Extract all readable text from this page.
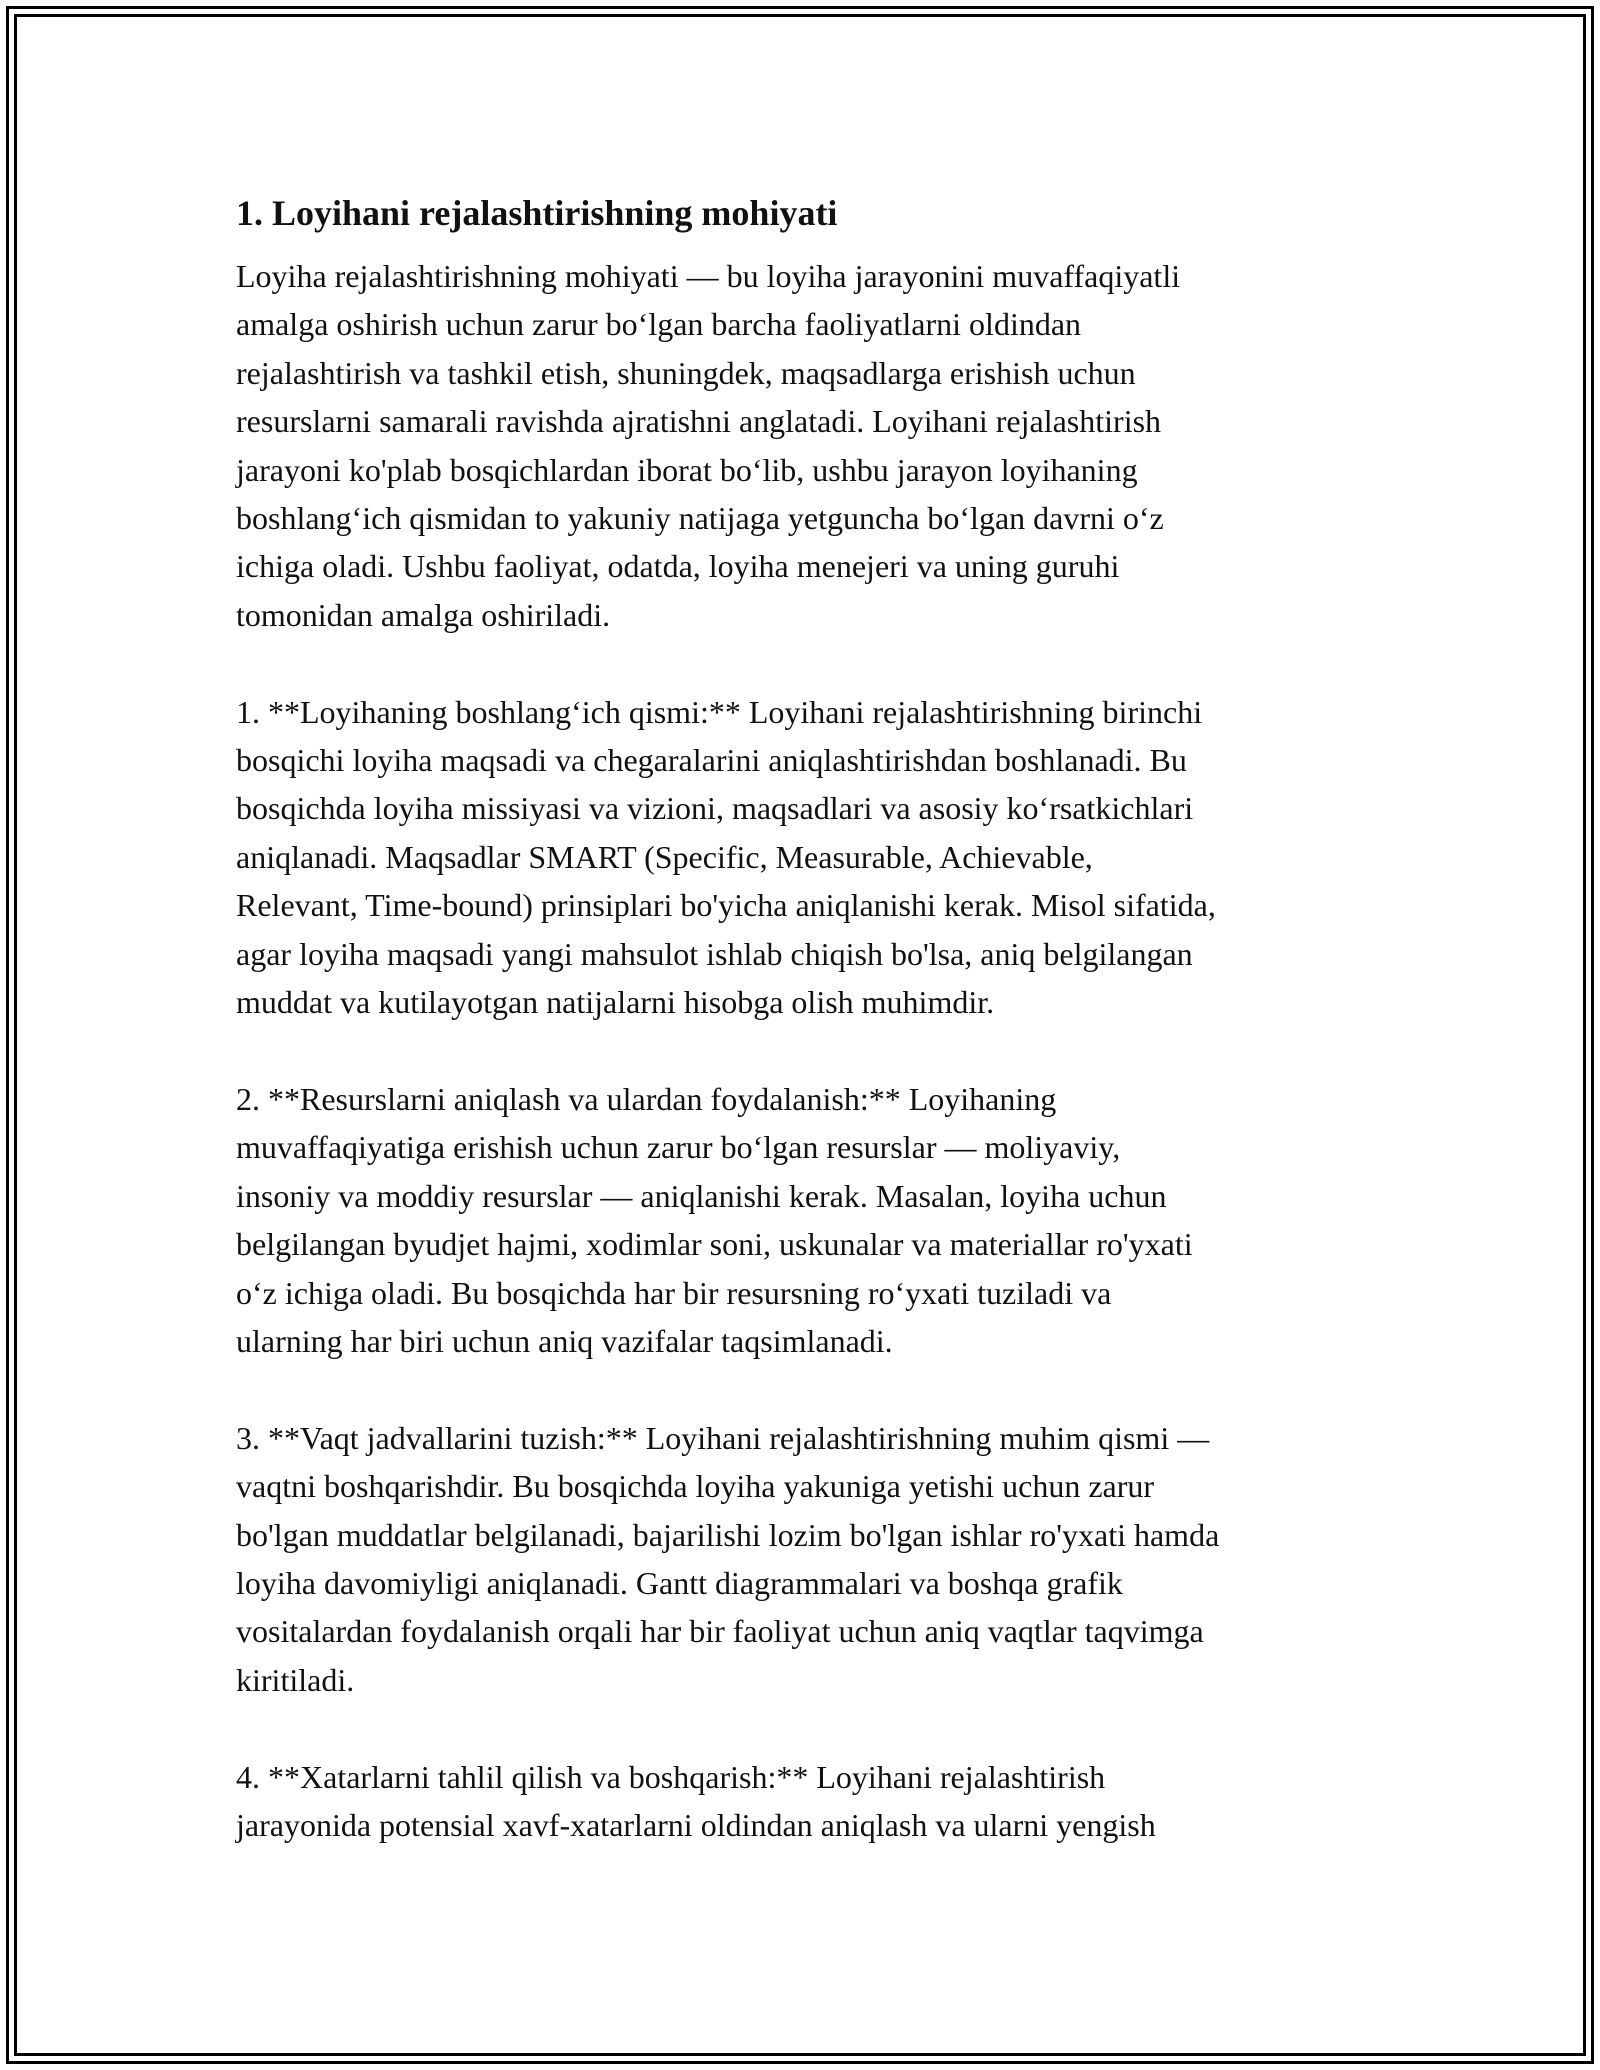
1. Loyihani rejalashtirishning mohiyati

Loyiha rejalashtirishning mohiyati — bu loyiha jarayonini muvaffaqiyatli
amalga oshirish uchun zarur bo‘lgan barcha faoliyatlarni oldindan
rejalashtirish va tashkil etish, shuningdek, maqsadlarga erishish uchun
resurslarni samarali ravishda ajratishni anglatadi. Loyihani rejalashtirish
jarayoni ko'plab bosqichlardan iborat bo‘lib, ushbu jarayon loyihaning
boshlang‘ich qismidan to yakuniy natijaga yetguncha bo‘lgan davrni o‘z
ichiga oladi. Ushbu faoliyat, odatda, loyiha menejeri va uning guruhi
tomonidan amalga oshiriladi.

1. **Loyihaning boshlang‘ich qismi:** Loyihani rejalashtirishning birinchi
bosqichi loyiha maqsadi va chegaralarini aniqlashtirishdan boshlanadi. Bu
bosqichda loyiha missiyasi va vizioni, maqsadlari va asosiy ko‘rsatkichlari
aniqlanadi. Maqsadlar SMART (Specific, Measurable, Achievable,
Relevant, Time-bound) prinsiplari bo'yicha aniqlanishi kerak. Misol sifatida,
agar loyiha maqsadi yangi mahsulot ishlab chiqish bo'lsa, aniq belgilangan
muddat va kutilayotgan natijalarni hisobga olish muhimdir.

2. **Resurslarni aniqlash va ulardan foydalanish:** Loyihaning
muvaffaqiyatiga erishish uchun zarur bo‘lgan resurslar — moliyaviy,
insoniy va moddiy resurslar — aniqlanishi kerak. Masalan, loyiha uchun
belgilangan byudjet hajmi, xodimlar soni, uskunalar va materiallar ro'yxati
o‘z ichiga oladi. Bu bosqichda har bir resursning ro‘yxati tuziladi va
ularning har biri uchun aniq vazifalar taqsimlanadi.

3. **Vaqt jadvallarini tuzish:** Loyihani rejalashtirishning muhim qismi —
vaqtni boshqarishdir. Bu bosqichda loyiha yakuniga yetishi uchun zarur
bo'lgan muddatlar belgilanadi, bajarilishi lozim bo'lgan ishlar ro'yxati hamda
loyiha davomiyligi aniqlanadi. Gantt diagrammalari va boshqa grafik
vositalardan foydalanish orqali har bir faoliyat uchun aniq vaqtlar taqvimga
kiritiladi.

4. **Xatarlarni tahlil qilish va boshqarish:** Loyihani rejalashtirish
jarayonida potensial xavf-xatarlarni oldindan aniqlash va ularni yengish
